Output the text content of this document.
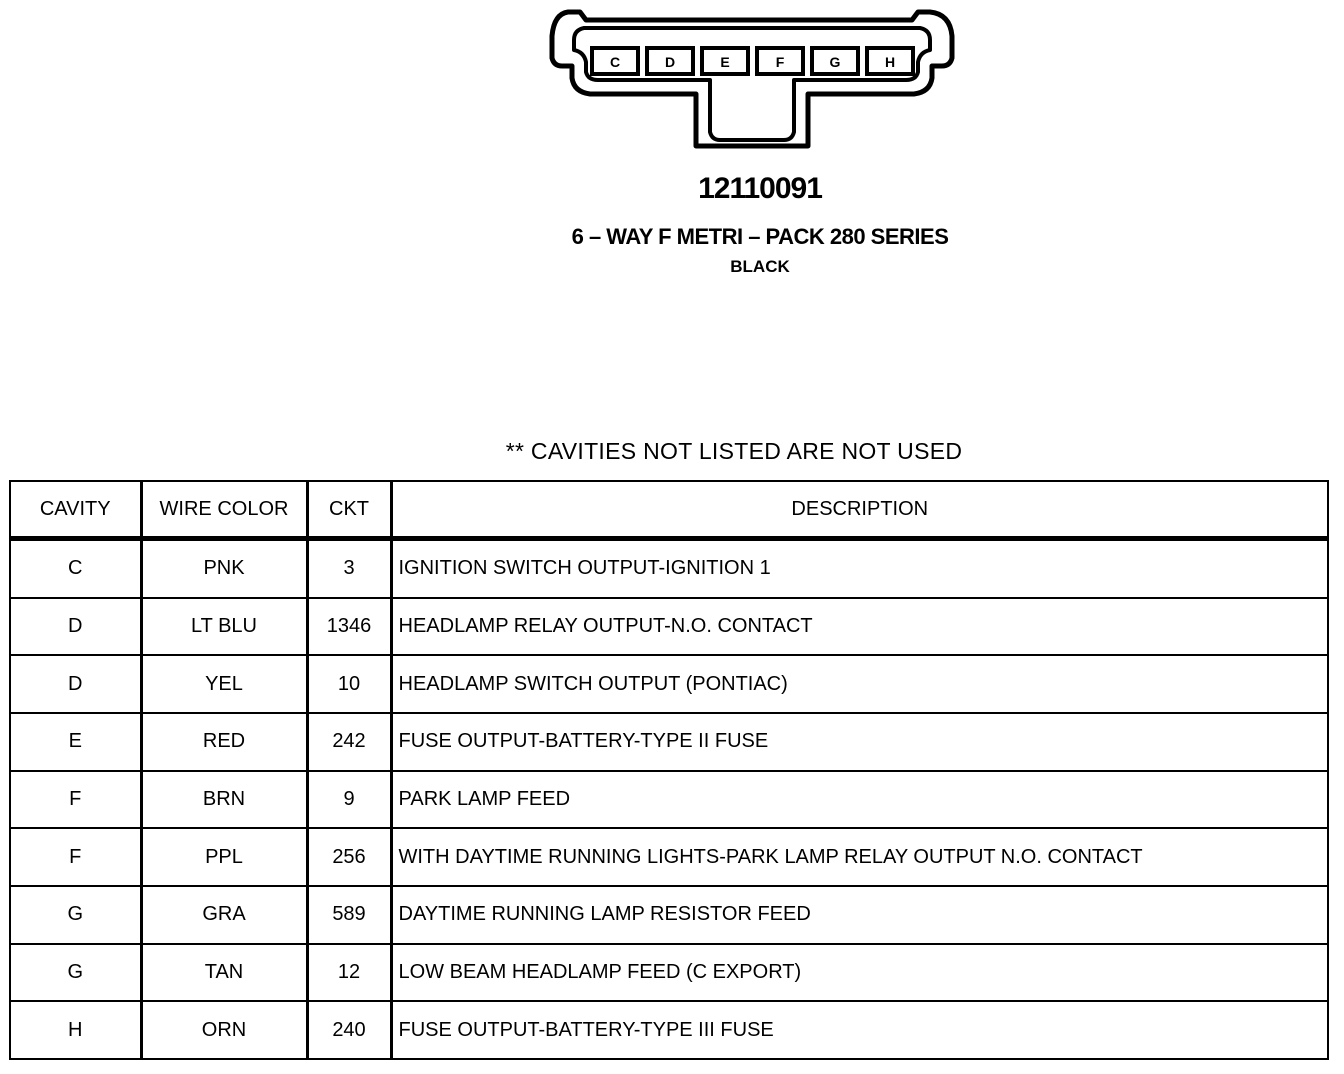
C	D	E	F	G	H
12110091
6 – WAY F METRI – PACK 280 SERIES
BLACK
** CAVITIES NOT LISTED ARE NOT USED
CAVITY	WIRE COLOR	CKT	DESCRIPTION
C	PNK	3	IGNITION SWITCH OUTPUT-IGNITION 1
D	LT BLU	1346	HEADLAMP RELAY OUTPUT-N.O. CONTACT
D	YEL	10	HEADLAMP SWITCH OUTPUT (PONTIAC)
E	RED	242	FUSE OUTPUT-BATTERY-TYPE II FUSE
F	BRN	9	PARK LAMP FEED
F	PPL	256	WITH DAYTIME RUNNING LIGHTS-PARK LAMP RELAY OUTPUT N.O. CONTACT
G	GRA	589	DAYTIME RUNNING LAMP RESISTOR FEED
G	TAN	12	LOW BEAM HEADLAMP FEED (C EXPORT)
H	ORN	240	FUSE OUTPUT-BATTERY-TYPE III FUSE
